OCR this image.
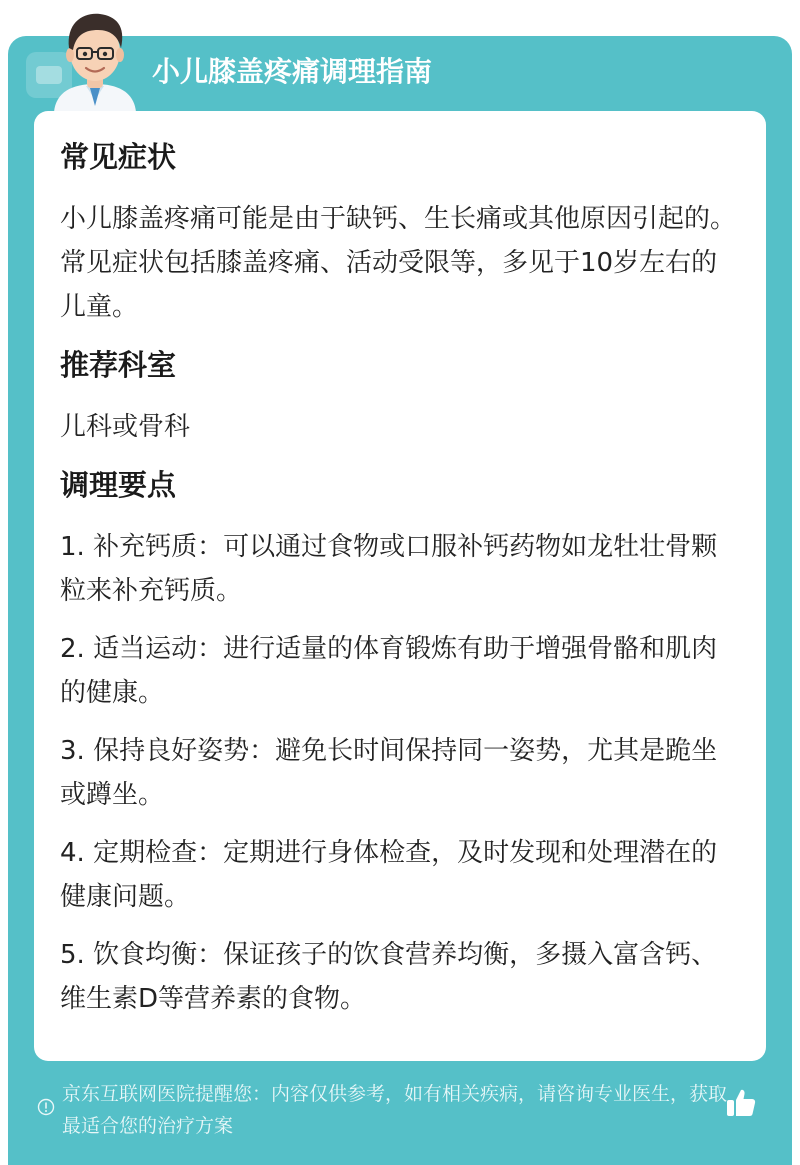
小儿膝盖疼痛调理指南
常见症状
小儿膝盖疼痛可能是由于缺钙、生长痛或其他原因引起的。常见症状包括膝盖疼痛、活动受限等，多见于10岁左右的儿童。
推荐科室
儿科或骨科
调理要点
1. 补充钙质：可以通过食物或口服补钙药物如龙牡壮骨颗粒来补充钙质。
2. 适当运动：进行适量的体育锻炼有助于增强骨骼和肌肉的健康。
3. 保持良好姿势：避免长时间保持同一姿势，尤其是跪坐或蹲坐。
4. 定期检查：定期进行身体检查，及时发现和处理潜在的健康问题。
5. 饮食均衡：保证孩子的饮食营养均衡，多摄入富含钙、维生素D等营养素的食物。
京东互联网医院提醒您：内容仅供参考，如有相关疾病，请咨询专业医生，获取最适合您的治疗方案
